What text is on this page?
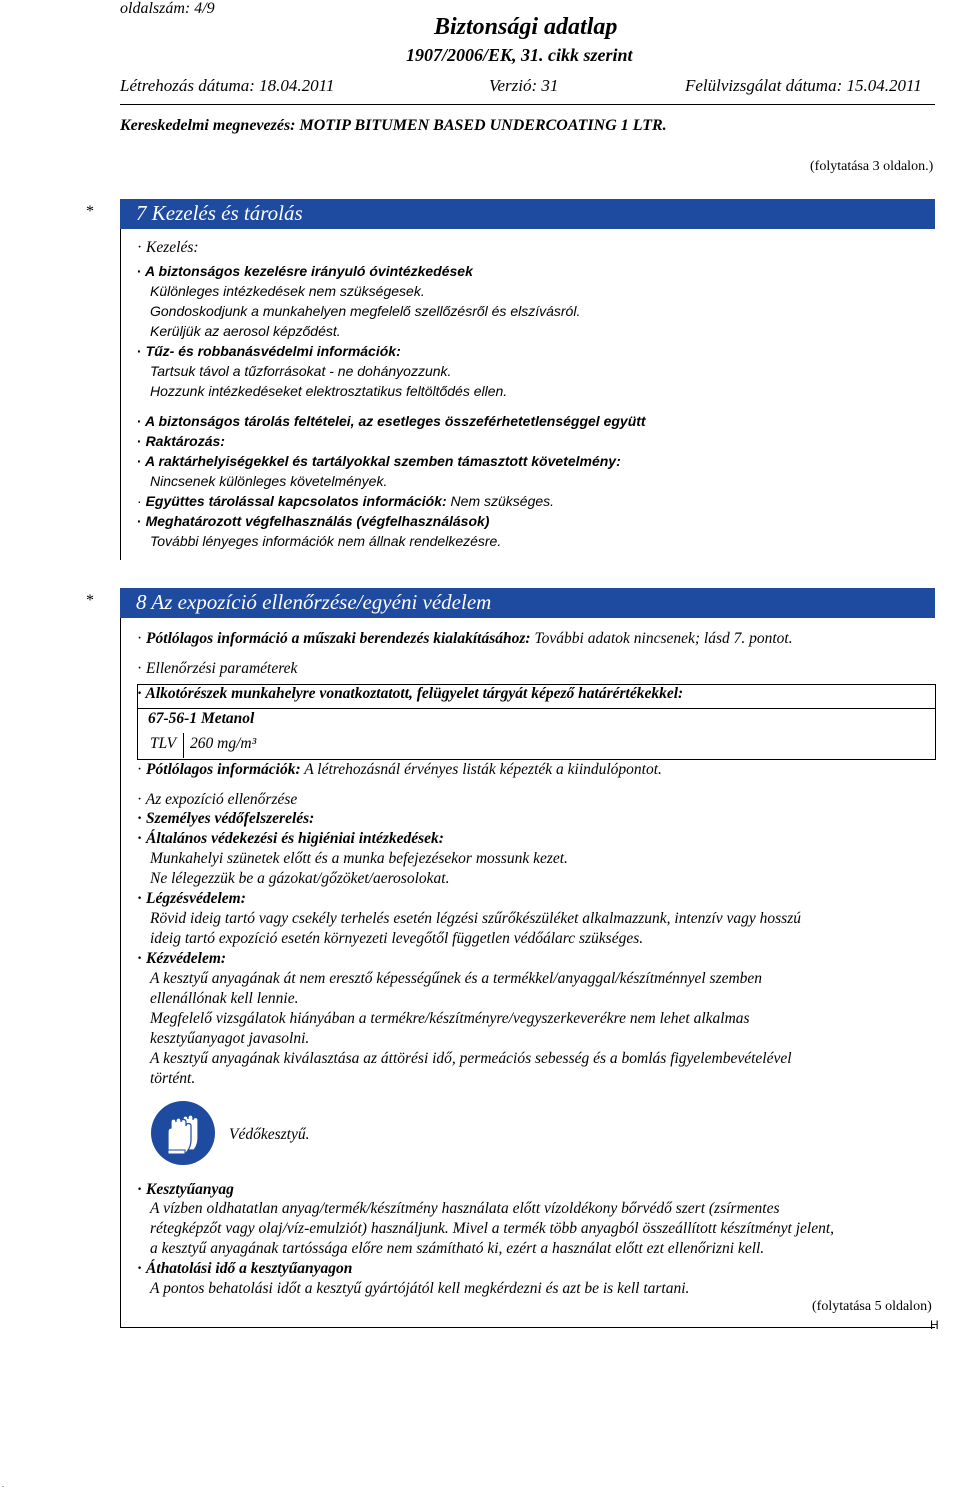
oldalszám: 4/9
Biztonsági adatlap
1907/2006/EK, 31. cikk szerint
Létrehozás dátuma: 18.04.2011	Verzió: 31	Felülvizsgálat dátuma: 15.04.2011
Kereskedelmi megnevezés: MOTIP BITUMEN BASED UNDERCOATING 1 LTR.
(folytatása 3 oldalon.)
* 7 Kezelés és tárolás
· Kezelés:
· A biztonságos kezelésre irányuló óvintézkedések
Különleges intézkedések nem szükségesek.
Gondoskodjunk a munkahelyen megfelelő szellőzésről és elszívásról.
Kerüljük az aerosol képződést.
· Tűz- és robbanásvédelmi információk:
Tartsuk távol a tűzforrásokat - ne dohányozzunk.
Hozzunk intézkedéseket elektrosztatikus feltöltődés ellen.
· A biztonságos tárolás feltételei, az esetleges összeférhetetlenséggel együtt
· Raktározás:
· A raktárhelyiségekkel és tartályokkal szemben támasztott követelmény:
Nincsenek különleges követelmények.
· Együttes tárolással kapcsolatos információk: Nem szükséges.
· Meghatározott végfelhasználás (végfelhasználások)
További lényeges információk nem állnak rendelkezésre.
* 8 Az expozíció ellenőrzése/egyéni védelem
· Pótlólagos információ a műszaki berendezés kialakításához: További adatok nincsenek; lásd 7. pontot.
· Ellenőrzési paraméterek
· Alkotórészek munkahelyre vonatkoztatott, felügyelet tárgyát képező határértékekkel:
67-56-1 Metanol
TLV 260 mg/m³
· Pótlólagos információk: A létrehozásnál érvényes listák képezték a kiindulópontot.
· Az expozíció ellenőrzése
· Személyes védőfelszerelés:
· Általános védekezési és higiéniai intézkedések:
Munkahelyi szünetek előtt és a munka befejezésekor mossunk kezet.
Ne lélegezzük be a gázokat/gőzöket/aerosolokat.
· Légzésvédelem:
Rövid ideig tartó vagy csekély terhelés esetén légzési szűrőkészüléket alkalmazzunk, intenzív vagy hosszú
ideig tartó expozíció esetén környezeti levegőtől független védőálarc szükséges.
· Kézvédelem:
A kesztyű anyagának át nem eresztő képességűnek és a termékkel/anyaggal/készítménnyel szemben
ellenállónak kell lennie.
Megfelelő vizsgálatok hiányában a termékre/készítményre/vegyszerkeverékre nem lehet alkalmas
kesztyűanyagot javasolni.
A kesztyű anyagának kiválasztása az áttörési idő, permeációs sebesség és a bomlás figyelembevételével
történt.
Védőkesztyű.
· Kesztyűanyag
A vízben oldhatatlan anyag/termék/készítmény használata előtt vízoldékony bőrvédő szert (zsírmentes
rétegképzőt vagy olaj/víz-emulziót) használjunk. Mivel a termék több anyagból összeállított készítményt jelent,
a kesztyű anyagának tartóssága előre nem számítható ki, ezért a használat előtt ezt ellenőrizni kell.
· Áthatolási idő a kesztyűanyagon
A pontos behatolási időt a kesztyű gyártójától kell megkérdezni és azt be is kell tartani.
(folytatása 5 oldalon)
H
.
